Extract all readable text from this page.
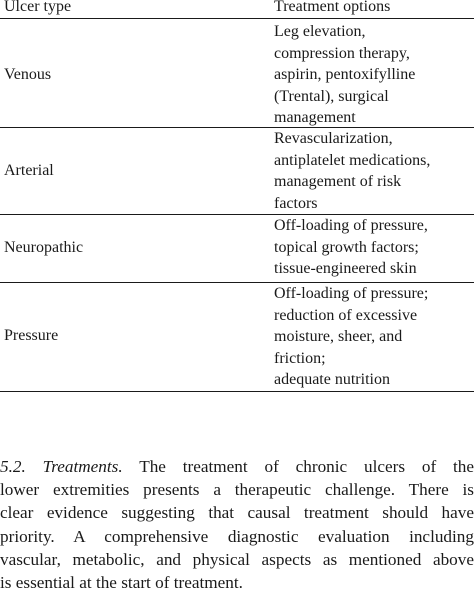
Ulcer type	Treatment options
Venous
Leg elevation,
compression therapy,
aspirin, pentoxifylline
(Trental), surgical
management
Arterial
Revascularization,
antiplatelet medications,
management of risk
factors
Neuropathic
Off-loading of pressure,
topical growth factors;
tissue-engineered skin
Pressure
Off-loading of pressure;
reduction of excessive
moisture, sheer, and
friction;
adequate nutrition
5.2. Treatments. The treatment of chronic ulcers of the
lower extremities presents a therapeutic challenge. There is
clear evidence suggesting that causal treatment should have
priority. A comprehensive diagnostic evaluation including
vascular, metabolic, and physical aspects as mentioned above
is essential at the start of treatment.
